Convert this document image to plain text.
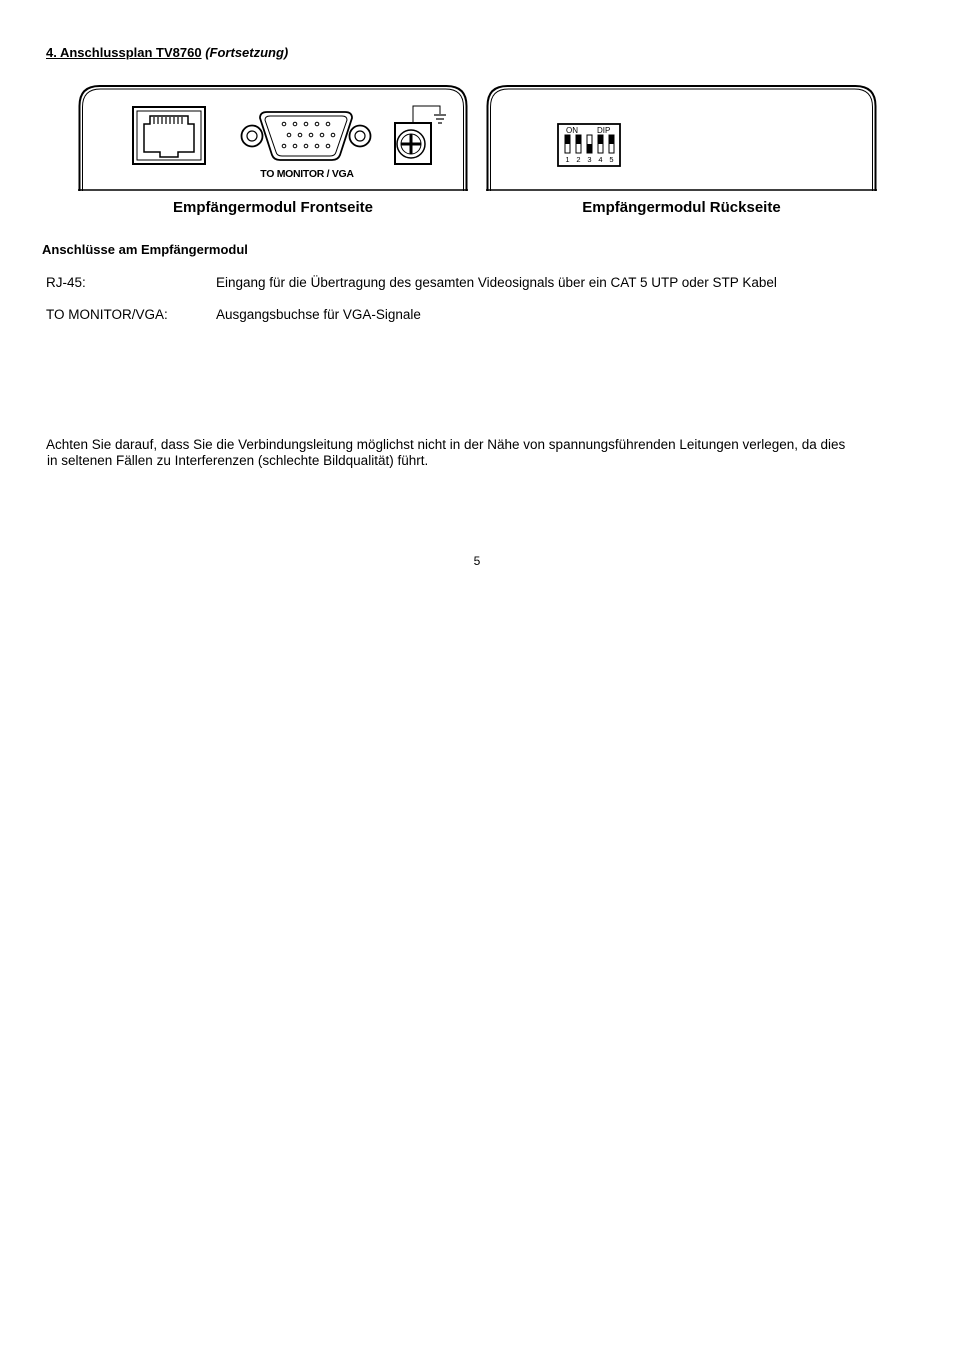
4. Anschlussplan TV8760 (Fortsetzung)
TO MONITOR / VGA
ON DIP
1 2 3 4 5
Empfängermodul Frontseite	Empfängermodul Rückseite
Anschlüsse am Empfängermodul
RJ-45:	Eingang für die Übertragung des gesamten Videosignals über ein CAT 5 UTP oder STP Kabel
TO MONITOR/VGA:	Ausgangsbuchse für VGA-Signale
Achten Sie darauf, dass Sie die Verbindungsleitung möglichst nicht in der Nähe von spannungsführenden Leitungen verlegen, da dies
in seltenen Fällen zu Interferenzen (schlechte Bildqualität) führt.
5
